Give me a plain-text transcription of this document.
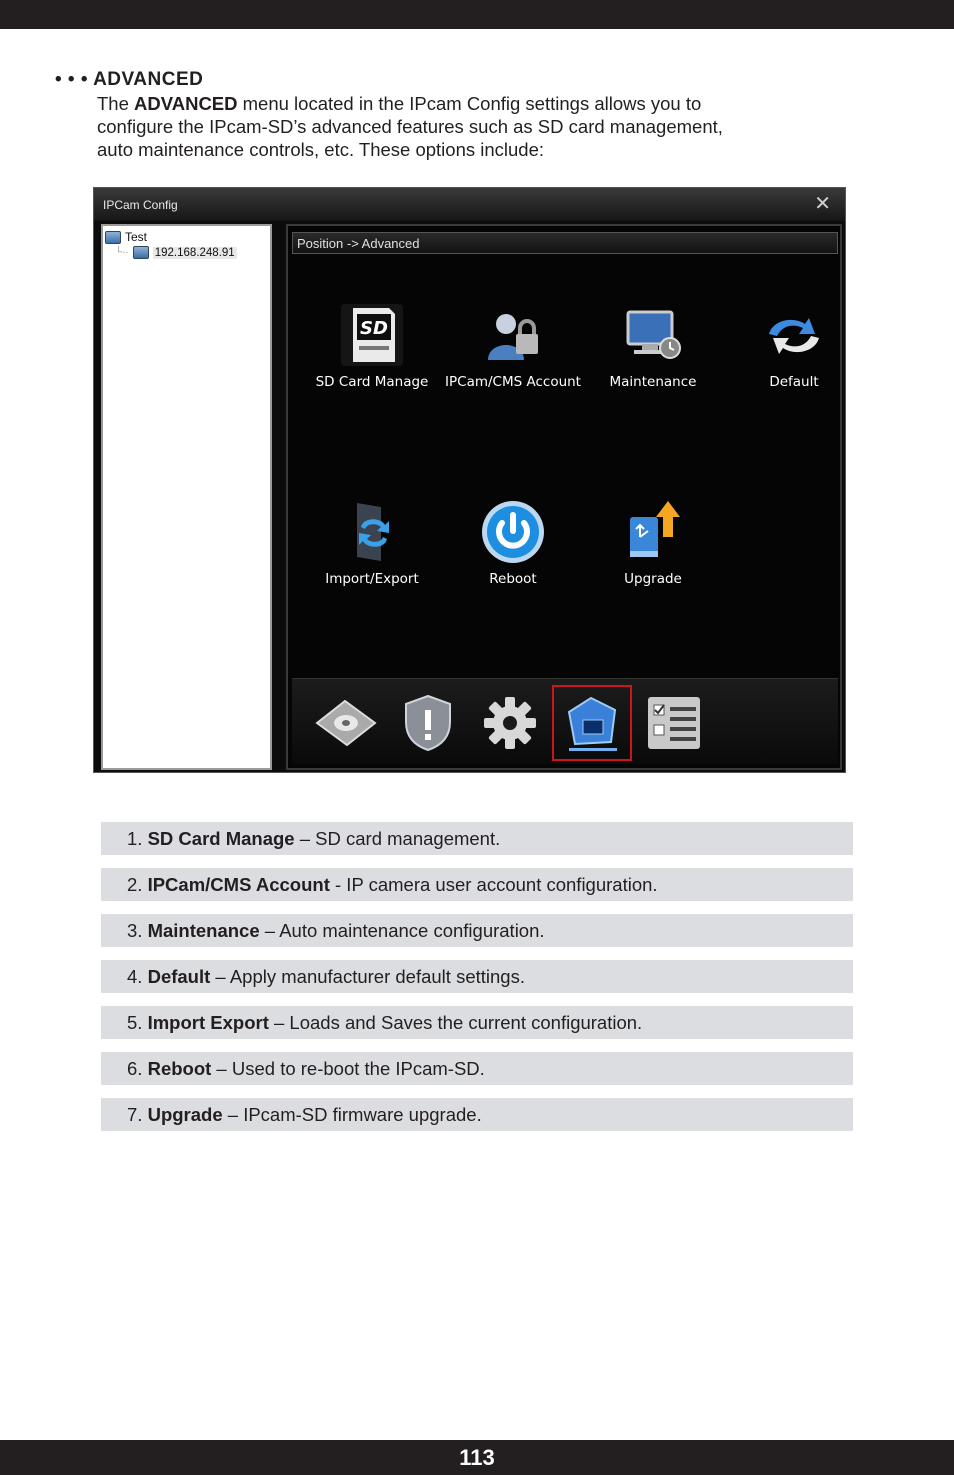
• • • ADVANCED
The ADVANCED menu located in the IPcam Config settings allows you to
configure the IPcam-SD’s advanced features such as SD card management,
auto maintenance controls, etc. These options include:
IPCam Config	✕
Test
└·· 192.168.248.91
Position -> Advanced
SD
SD Card Manage	IPCam/CMS Account	Maintenance	Default
Import/Export	Reboot	Upgrade
1. SD Card Manage – SD card management.
2. IPCam/CMS Account - IP camera user account configuration.
3. Maintenance – Auto maintenance configuration.
4. Default – Apply manufacturer default settings.
5. Import Export – Loads and Saves the current configuration.
6. Reboot – Used to re-boot the IPcam-SD.
7. Upgrade – IPcam-SD firmware upgrade.
113
